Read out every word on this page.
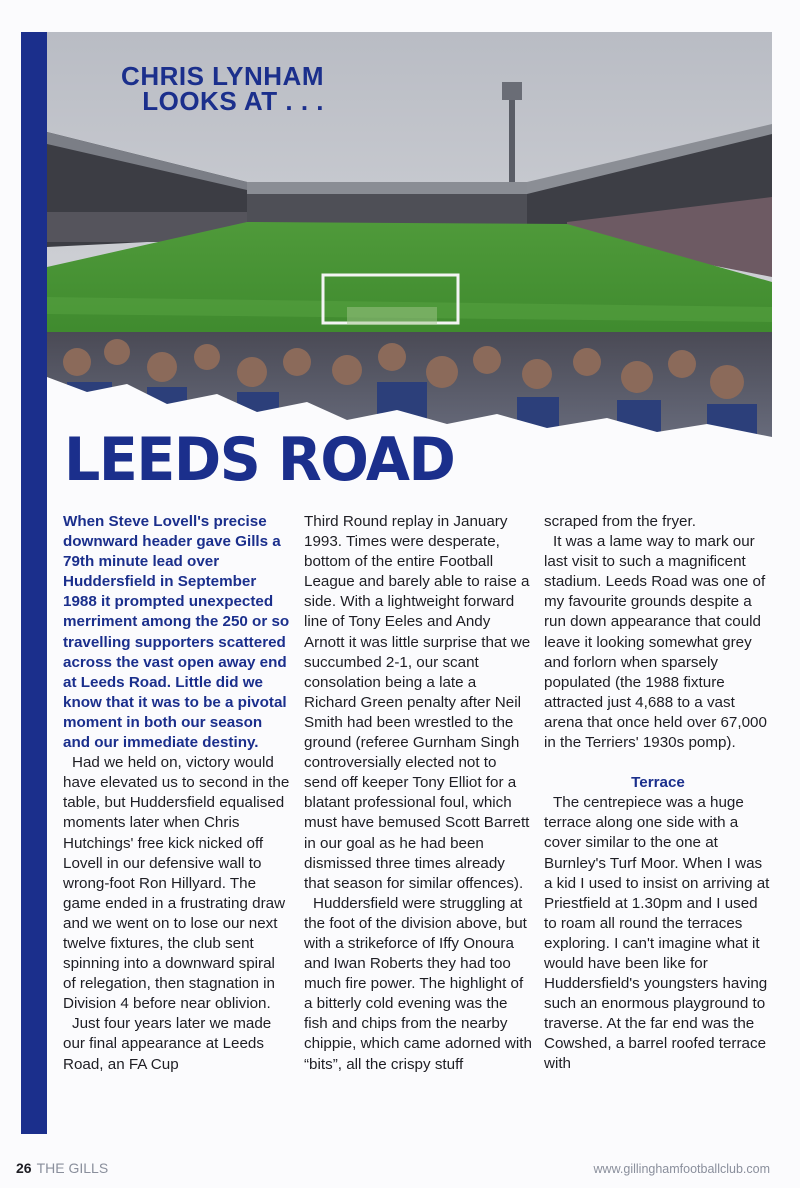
CHRIS LYNHAM
LOOKS AT . . .
LEEDS ROAD

When Steve Lovell's precise downward header gave Gills a 79th minute lead over Huddersfield in September 1988 it prompted unexpected merriment among the 250 or so travelling supporters scattered across the vast open away end at Leeds Road. Little did we know that it was to be a pivotal moment in both our season and our immediate destiny.

Had we held on, victory would have elevated us to second in the table, but Huddersfield equalised moments later when Chris Hutchings' free kick nicked off Lovell in our defensive wall to wrong-foot Ron Hillyard. The game ended in a frustrating draw and we went on to lose our next twelve fixtures, the club sent spinning into a downward spiral of relegation, then stagnation in Division 4 before near oblivion.

Just four years later we made our final appearance at Leeds Road, an FA Cup

Third Round replay in January 1993. Times were desperate, bottom of the entire Football League and barely able to raise a side. With a lightweight forward line of Tony Eeles and Andy Arnott it was little surprise that we succumbed 2-1, our scant consolation being a late a Richard Green penalty after Neil Smith had been wrestled to the ground (referee Gurnham Singh controversially elected not to send off keeper Tony Elliot for a blatant professional foul, which must have bemused Scott Barrett in our goal as he had been dismissed three times already that season for similar offences).

Huddersfield were struggling at the foot of the division above, but with a strikeforce of Iffy Onoura and Iwan Roberts they had too much fire power. The highlight of a bitterly cold evening was the fish and chips from the nearby chippie, which came adorned with “bits”, all the crispy stuff

scraped from the fryer.

It was a lame way to mark our last visit to such a magnificent stadium. Leeds Road was one of my favourite grounds despite a run down appearance that could leave it looking somewhat grey and forlorn when sparsely populated (the 1988 fixture attracted just 4,688 to a vast arena that once held over 67,000 in the Terriers' 1930s pomp).

Terrace

The centrepiece was a huge terrace along one side with a cover similar to the one at Burnley's Turf Moor. When I was a kid I used to insist on arriving at Priestfield at 1.30pm and I used to roam all round the terraces exploring. I can't imagine what it would have been like for Huddersfield's youngsters having such an enormous playground to traverse. At the far end was the Cowshed, a barrel roofed terrace with

26 THE GILLS	www.gillinghamfootballclub.com
